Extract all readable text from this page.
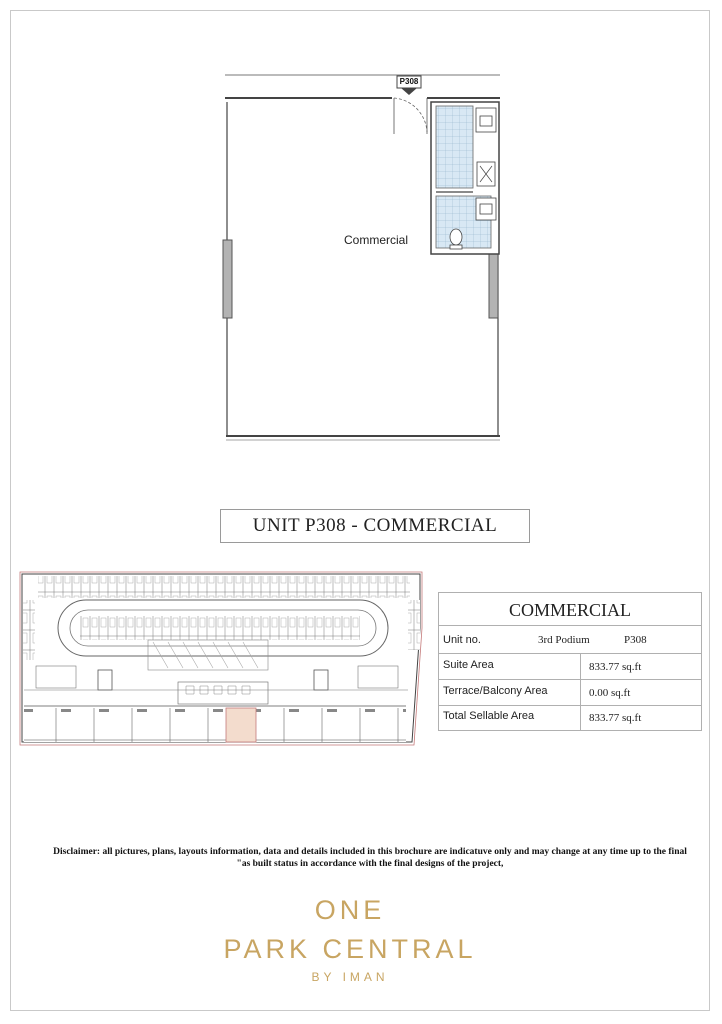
P308
Commercial
UNIT P308 - COMMERCIAL
COMMERCIAL
Unit no.	3rd Podium	P308
Suite Area	833.77 sq.ft
Terrace/Balcony Area	0.00 sq.ft
Total Sellable Area	833.77 sq.ft
Disclaimer: all pictures, plans, layouts information, data and details included in this brochure are indicatuve only and may change at any time up to the final
"as built status in accordance with the final designs of the project,
ONE
PARK CENTRAL
BY IMAN
